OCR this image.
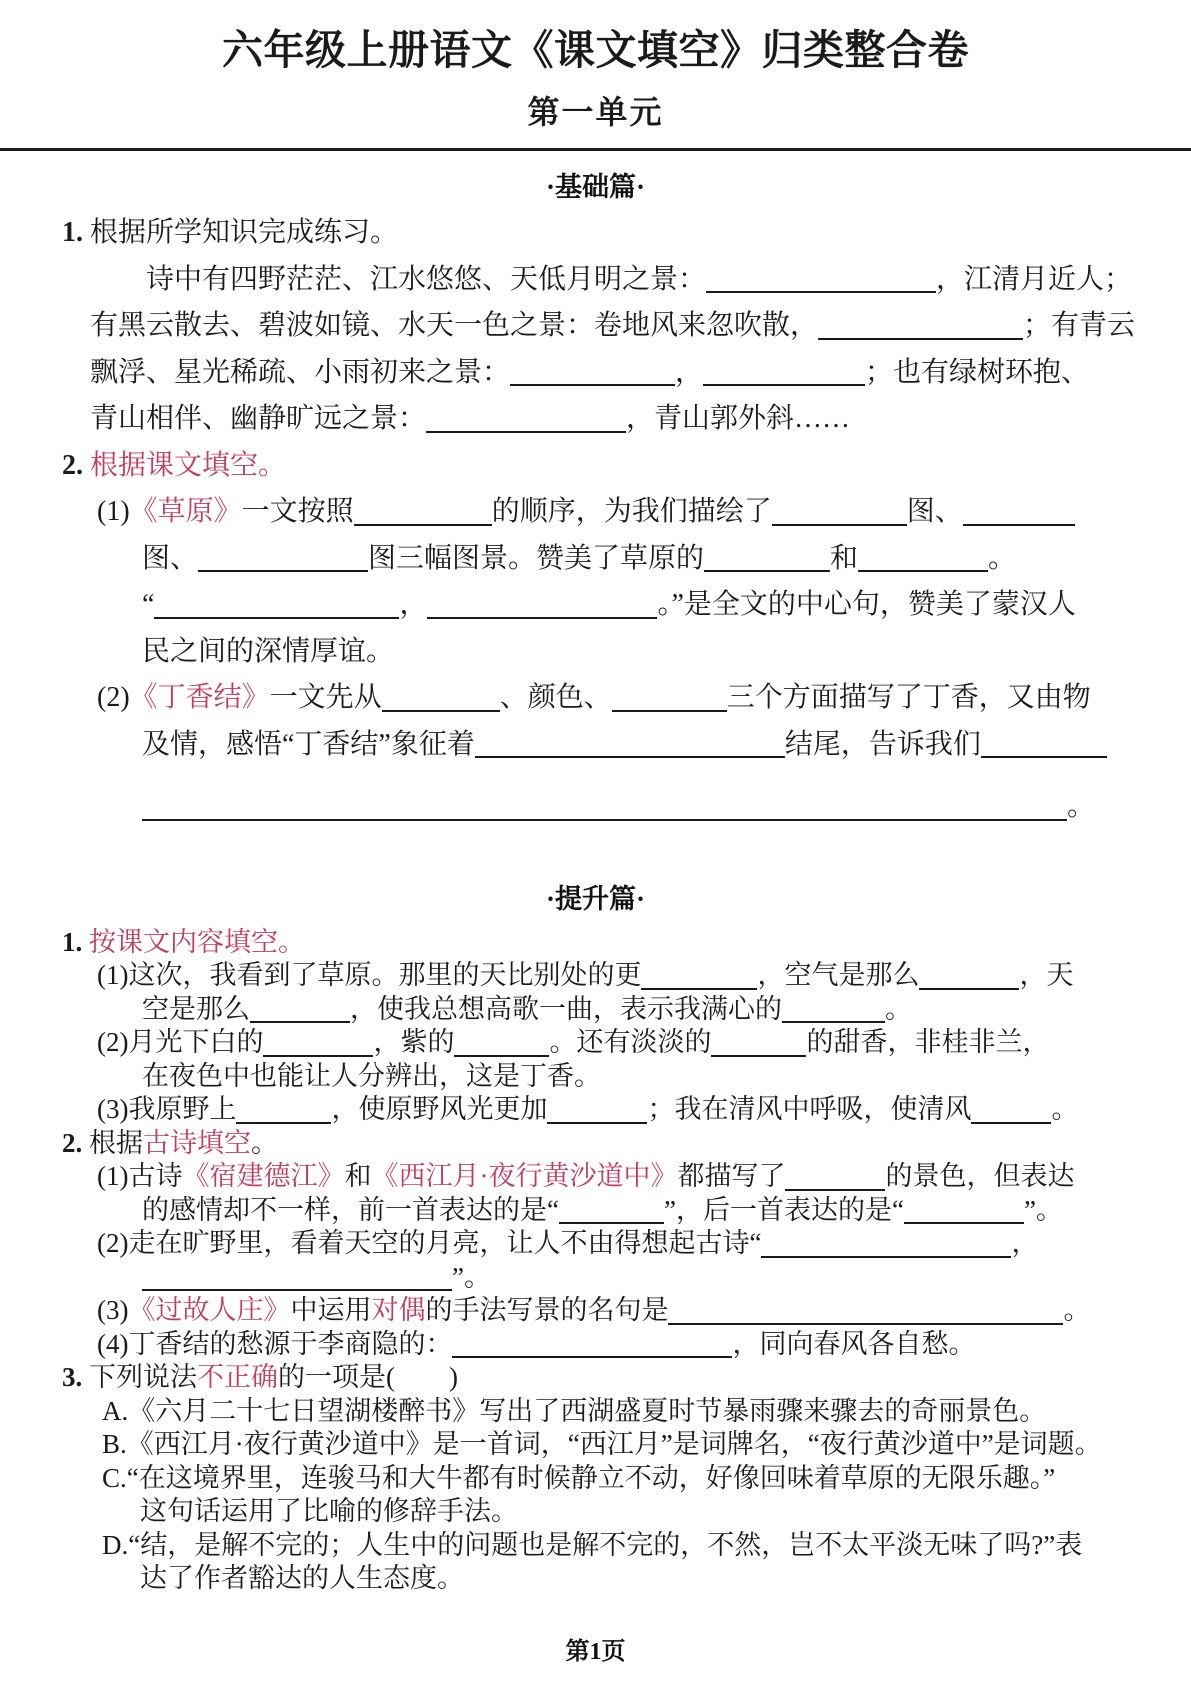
六年级上册语文《课文填空》归类整合卷
第一单元
·基础篇·
1. 根据所学知识完成练习。
诗中有四野茫茫、江水悠悠、天低月明之景：	，江清月近人；
有黑云散去、碧波如镜、水天一色之景：卷地风来忽吹散，	；有青云
飘浮、星光稀疏、小雨初来之景：	，	；也有绿树环抱、
青山相伴、幽静旷远之景：	，青山郭外斜……
2. 根据课文填空。
(1)《草原》一文按照	的顺序，为我们描绘了	图、
图、	图三幅图景。赞美了草原的	和	。
“	，	。”是全文的中心句，赞美了蒙汉人
民之间的深情厚谊。
(2)《丁香结》一文先从	、颜色、	三个方面描写了丁香，又由物
及情，感悟“丁香结”象征着	结尾，告诉我们
。
·提升篇·
1. 按课文内容填空。
(1)这次，我看到了草原。那里的天比别处的更	，空气是那么	，天
空是那么	，使我总想高歌一曲，表示我满心的	。
(2)月光下白的	，紫的	。还有淡淡的	的甜香，非桂非兰，
在夜色中也能让人分辨出，这是丁香。
(3)我原野上	，使原野风光更加	；我在清风中呼吸，使清风	。
2. 根据古诗填空。
(1)古诗《宿建德江》和《西江月·夜行黄沙道中》都描写了	的景色，但表达
的感情却不一样，前一首表达的是“	”，后一首表达的是“	”。
(2)走在旷野里，看着天空的月亮，让人不由得想起古诗“	，
”。
(3)《过故人庄》中运用对偶的手法写景的名句是	。
(4)丁香结的愁源于李商隐的：	，同向春风各自愁。
3. 下列说法不正确的一项是(　　)
A.《六月二十七日望湖楼醉书》写出了西湖盛夏时节暴雨骤来骤去的奇丽景色。
B.《西江月·夜行黄沙道中》是一首词，“西江月”是词牌名，“夜行黄沙道中”是词题。
C.“在这境界里，连骏马和大牛都有时候静立不动，好像回味着草原的无限乐趣。”
这句话运用了比喻的修辞手法。
D.“结，是解不完的；人生中的问题也是解不完的，不然，岂不太平淡无味了吗?”表
达了作者豁达的人生态度。
第1页
